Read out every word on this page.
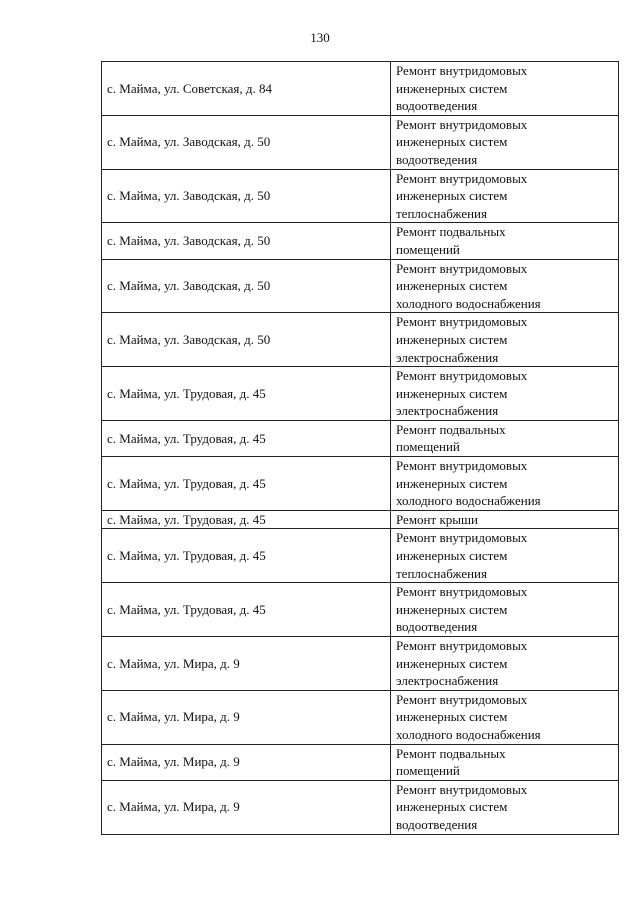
130
с. Майма, ул. Советская, д. 84	Ремонт внутридомовых
инженерных систем
водоотведения
с. Майма, ул. Заводская, д. 50	Ремонт внутридомовых
инженерных систем
водоотведения
с. Майма, ул. Заводская, д. 50	Ремонт внутридомовых
инженерных систем
теплоснабжения
с. Майма, ул. Заводская, д. 50	Ремонт подвальных
помещений
с. Майма, ул. Заводская, д. 50	Ремонт внутридомовых
инженерных систем
холодного водоснабжения
с. Майма, ул. Заводская, д. 50	Ремонт внутридомовых
инженерных систем
электроснабжения
с. Майма, ул. Трудовая, д. 45	Ремонт внутридомовых
инженерных систем
электроснабжения
с. Майма, ул. Трудовая, д. 45	Ремонт подвальных
помещений
с. Майма, ул. Трудовая, д. 45	Ремонт внутридомовых
инженерных систем
холодного водоснабжения
с. Майма, ул. Трудовая, д. 45	Ремонт крыши
с. Майма, ул. Трудовая, д. 45	Ремонт внутридомовых
инженерных систем
теплоснабжения
с. Майма, ул. Трудовая, д. 45	Ремонт внутридомовых
инженерных систем
водоотведения
с. Майма, ул. Мира, д. 9	Ремонт внутридомовых
инженерных систем
электроснабжения
с. Майма, ул. Мира, д. 9	Ремонт внутридомовых
инженерных систем
холодного водоснабжения
с. Майма, ул. Мира, д. 9	Ремонт подвальных
помещений
с. Майма, ул. Мира, д. 9	Ремонт внутридомовых
инженерных систем
водоотведения
